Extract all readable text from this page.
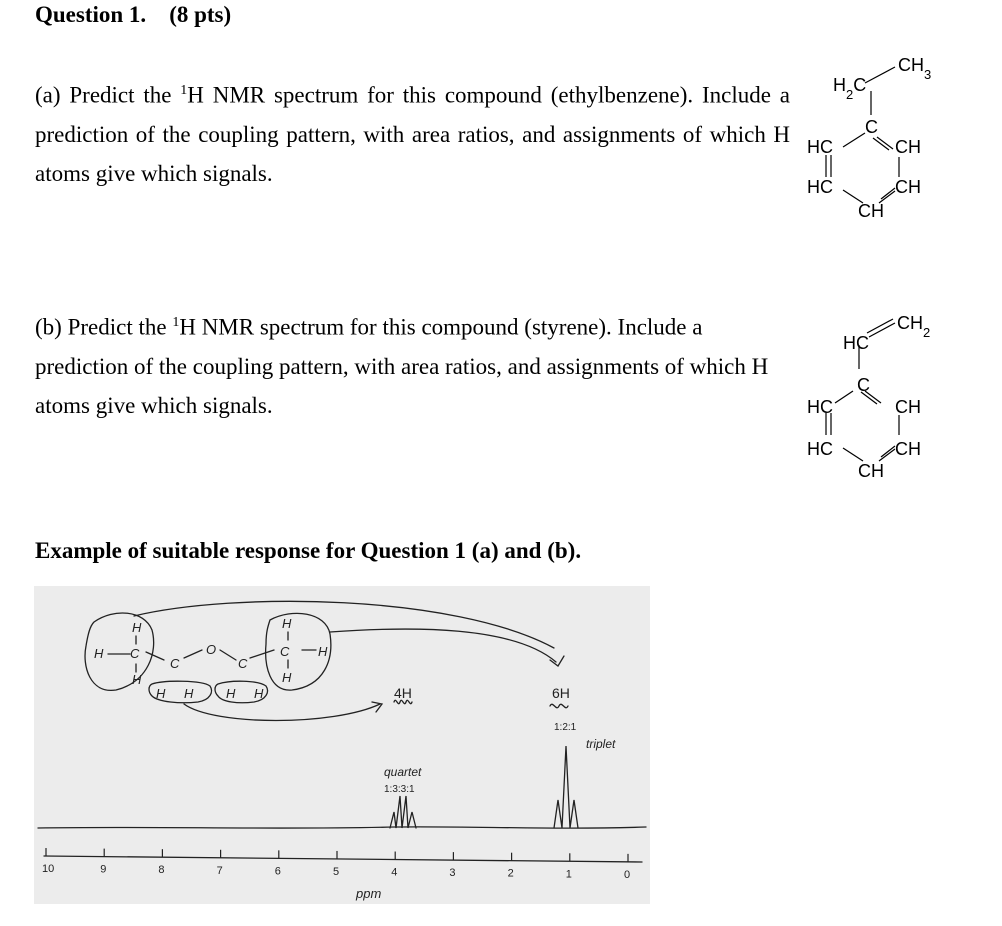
Question 1. (8 pts)
(a) Predict the $^1$H NMR spectrum for this compound (ethylbenzene). Include a prediction of the coupling pattern, with area ratios, and assignments of which H atoms give which signals.
(b) Predict the $^1$H NMR spectrum for this compound (styrene). Include a prediction of the coupling pattern, with area ratios, and assignments of which H atoms give which signals.
$CH_3$
$H_2C$
C
HC	CH
HC	CH
CH
$CH_2$
HC
C
HC	CH
HC	CH
CH
Example of suitable response for Question 1 (a) and (b).
H
H C
H
C
O
C
H H	H H
H
C H
H
4H	6H
1:2:1
triplet
quartet
1:3:3:1
ppm
10	9	8	7	6	5	4	3	2	1	0
